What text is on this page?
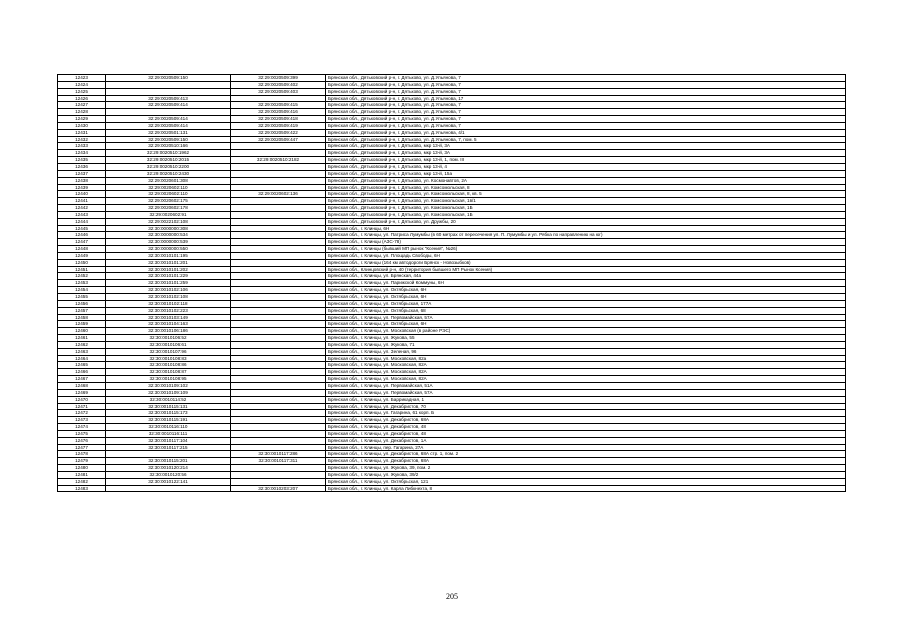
12423	32:29:0020509:150	32:29:0020509:399	Брянская обл., Дятьковский р-н, г. Дятьково, ул. Д.Ульянова, 7
12424		32:29:0020509:402	Брянская обл., Дятьковский р-н, г. Дятьково, ул. Д.Ульянова, 7
12425		32:29:0020509:403	Брянская обл., Дятьковский р-н, г. Дятьково, ул. Д.Ульянова, 7
12426	32:29:0020509:413		Брянская обл., Дятьковский р-н, г. Дятьково, ул. Д.Ульянова, 17
12427	32:29:0020509:414	32:29:0020509:415	Брянская обл., Дятьковский р-н, г. Дятьково, ул. Д.Ульянова, 7
12428		32:29:0020509:416	Брянская обл., Дятьковский р-н, г. Дятьково, ул. Д.Ульянова, 7
12429	32:29:0020509:414	32:29:0020509:418	Брянская обл., Дятьковский р-н, г. Дятьково, ул. Д.Ульянова, 7
12430	32:29:0020509:414	32:29:0020509:419	Брянская обл., Дятьковский р-н, г. Дятьково, ул. Д.Ульянова, 7
12431	32:29:0020501:131	32:29:0020509:422	Брянская обл., Дятьковский р-н, г. Дятьково, ул. Д.Ульянова, 4/1
12432	32:29:0020509:150	32:29:0020509:447	Брянская обл., Дятьковский р-н, г. Дятьково, ул. Д.Ульянова, 7, пом. 5
12433	32:29:0020510:166		Брянская обл., Дятьковский р-н, г. Дятьково, мкр 13-й, 3А
12434	32:29:0020510:1962		Брянская обл., Дятьковский р-н, г. Дятьково, мкр 13-й, 3А
12435	32:29:0020510:2015	32:29:0020510:2182	Брянская обл., Дятьковский р-н, г. Дятьково, мкр 13-й, 1, пом. III
12436	32:29:0020510:2200		Брянская обл., Дятьковский р-н, г. Дятьково, мкр 13-й, 4
12437	32:29:0020510:2430		Брянская обл., Дятьковский р-н, г. Дятьково, мкр 13-й, 15а
12438	32:29:0020601:308		Брянская обл., Дятьковский р-н, г. Дятьково, ул. Космонавтов, 2А
12439	32:29:0020602:110		Брянская обл., Дятьковский р-н, г. Дятьково, ул. Комсомольская, 8
12440	32:29:0020602:110	32:29:0020602:136	Брянская обл., Дятьковский р-н, г. Дятьково, ул. Комсомольская, 8, кв. 5
12441	32:29:0020602:175		Брянская обл., Дятьковский р-н, г. Дятьково, ул. Комсомольская, 1в/1
12442	32:29:0020602:178		Брянская обл., Дятьковский р-н, г. Дятьково, ул. Комсомольская, 1Б
12443	32:29:0020602:91		Брянская обл., Дятьковский р-н, г. Дятьково, ул. Комсомольская, 1Б
12444	32:29:0022102:108		Брянская обл., Дятьковский р-н, г. Дятьково, ул. Дружбы, 20
12445	32:30:0000000:308		Брянская обл., г. Клинцы, 6Н
12446	32:30:0000000:534		Брянская обл., г. Клинцы, ул. Патриса Лумумбы (в 60 метрах от пересечения ул. П. Лумумбы и ул. Рябка по направлению на юг)
12447	32:30:0000000:539		Брянская обл., г. Клинцы (АЗС-78)
12448	32:30:0000000:550		Брянская обл., г. Клинцы (бывший МП рынок "Ксения", №26)
12449	32:30:0010101:195		Брянская обл., г. Клинцы, ул. Площадь Свободы, 6Н
12450	32:30:0010101:201		Брянская обл., г. Клинцы (164 км автодороги Брянск - Новозыбков)
12451	32:30:0010101:202		Брянская обл., Клинцовский р-н, 40 (территория бывшего МП Рынок Ксения)
12452	32:30:0010101:229		Брянская обл., г. Клинцы, ул. Брянская, 44а
12453	32:30:0010101:259		Брянская обл., г. Клинцы, ул. Парижской Коммуны, 6Н
12454	32:30:0010102:106		Брянская обл., г. Клинцы, ул. Октябрьская, 6Н
12455	32:30:0010102:108		Брянская обл., г. Клинцы, ул. Октябрьская, 6Н
12456	32:30:0010102:118		Брянская обл., г. Клинцы, ул. Октябрьская, 177А
12457	32:30:0010102:223		Брянская обл., г. Клинцы, ул. Октябрьская, 68
12458	32:30:0010103:149		Брянская обл., г. Клинцы, ул. Первомайская, 57А
12459	32:30:0010104:163		Брянская обл., г. Клинцы, ул. Октябрьская, 6Н
12460	32:30:0010106:186		Брянская обл., г. Клинцы, ул. Московская (в районе РЭС)
12461	32:30:0010106:52		Брянская обл., г. Клинцы, ул. Жукова, 55
12462	32:30:0010106:61		Брянская обл., г. Клинцы, ул. Жукова, 71
12463	32:30:0010107:96		Брянская обл., г. Клинцы, ул. Зеленая, 96
12464	32:30:0010108:83		Брянская обл., г. Клинцы, ул. Московская, 82а
12465	32:30:0010108:86		Брянская обл., г. Клинцы, ул. Московская, 82А
12466	32:30:0010108:87		Брянская обл., г. Клинцы, ул. Московская, 82А
12467	32:30:0010108:95		Брянская обл., г. Клинцы, ул. Московская, 82А
12468	32:30:0010109:102		Брянская обл., г. Клинцы, ул. Первомайская, 51А
12469	32:30:0010109:109		Брянская обл., г. Клинцы, ул. Первомайская, 57А
12470	32:30:0010114:52		Брянская обл., г. Клинцы, ул. Баррикадная, 1
12471	32:30:0010115:131		Брянская обл., г. Клинцы, ул. Декабристов, 70
12472	32:30:0010115:173		Брянская обл., г. Клинцы, ул. Гагарина, 61 корп. Б
12473	32:30:0010115:191		Брянская обл., г. Клинцы, ул. Декабристов, 68А
12474	32:30:0010116:110		Брянская обл., г. Клинцы, ул. Декабристов, 48
12475	32:30:0010116:111		Брянская обл., г. Клинцы, ул. Декабристов, 48
12476	32:30:0010117:104		Брянская обл., г. Клинцы, ул. Декабристов, 1А
12477	32:30:0010117:215		Брянская обл., г. Клинцы, пер. Гагарина, 27А
12478		32:30:0010117:286	Брянская обл., г. Клинцы, ул. Декабристов, 68А стр. 1, пом. 2
12479	32:30:0010115:201	32:30:0010117:311	Брянская обл., г. Клинцы, ул. Декабристов, 68А
12480	32:30:0010120:214		Брянская обл., г. Клинцы, ул. Жукова, 39, пом. 2
12481	32:30:0010120:56		Брянская обл., г. Клинцы, ул. Жукова, 39/2
12482	32:30:0010122:141		Брянская обл., г. Клинцы, ул. Октябрьская, 121
12483		32:30:0010203:207	Брянская обл., г. Клинцы, ул. Карла Либкнехта, 8
205
